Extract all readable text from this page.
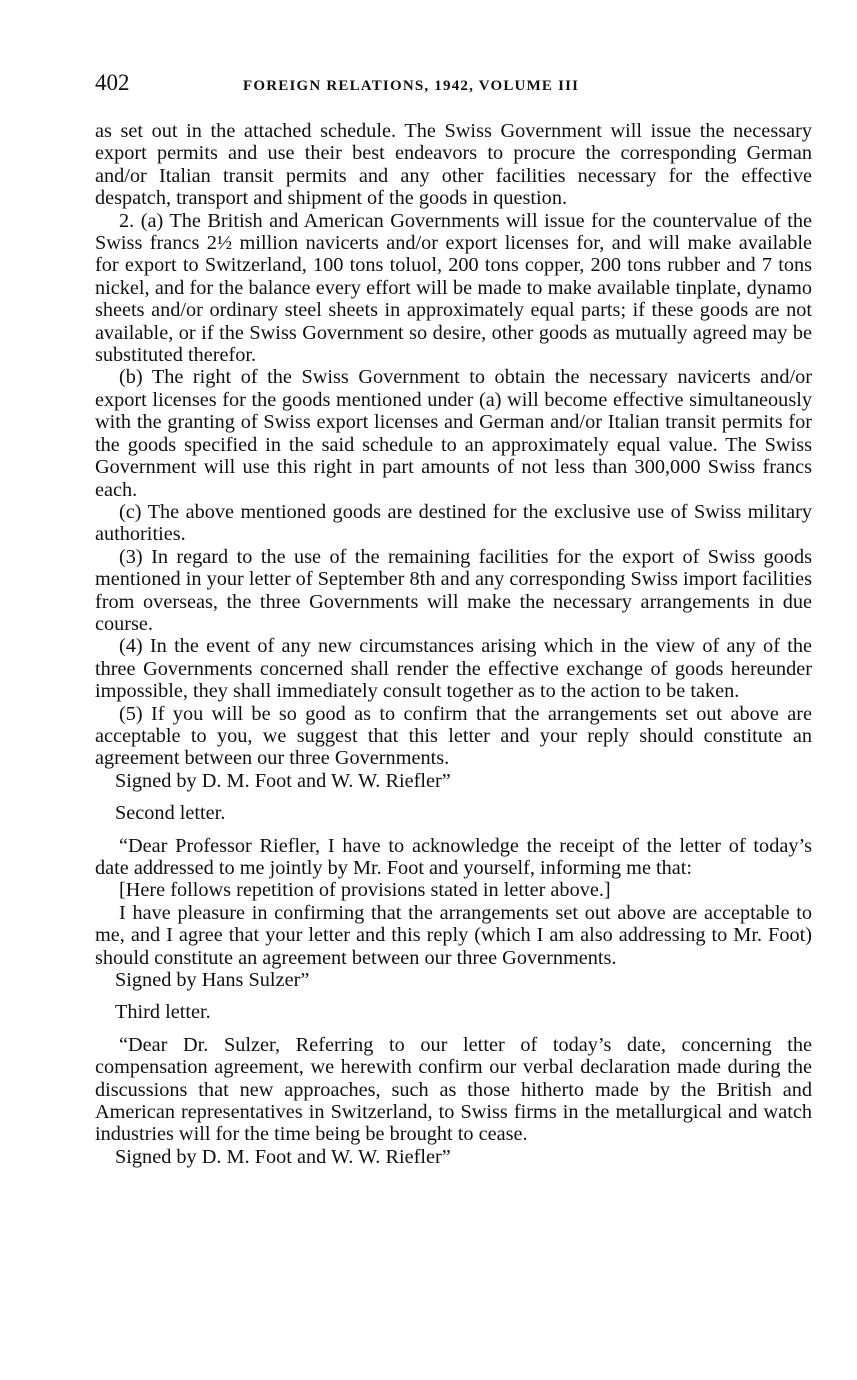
402	FOREIGN RELATIONS, 1942, VOLUME III

as set out in the attached schedule. The Swiss Government will issue the necessary export permits and use their best endeavors to procure the corresponding German and/or Italian transit permits and any other facilities necessary for the effective despatch, transport and shipment of the goods in question.

2. (a) The British and American Governments will issue for the countervalue of the Swiss francs 2½ million navicerts and/or export licenses for, and will make available for export to Switzerland, 100 tons toluol, 200 tons copper, 200 tons rubber and 7 tons nickel, and for the balance every effort will be made to make available tinplate, dynamo sheets and/or ordinary steel sheets in approximately equal parts; if these goods are not available, or if the Swiss Government so desire, other goods as mutually agreed may be substituted therefor.

(b) The right of the Swiss Government to obtain the necessary navicerts and/or export licenses for the goods mentioned under (a) will become effective simultaneously with the granting of Swiss export licenses and German and/or Italian transit permits for the goods specified in the said schedule to an approximately equal value. The Swiss Government will use this right in part amounts of not less than 300,000 Swiss francs each.

(c) The above mentioned goods are destined for the exclusive use of Swiss military authorities.

(3) In regard to the use of the remaining facilities for the export of Swiss goods mentioned in your letter of September 8th and any corresponding Swiss import facilities from overseas, the three Governments will make the necessary arrangements in due course.

(4) In the event of any new circumstances arising which in the view of any of the three Governments concerned shall render the effective exchange of goods hereunder impossible, they shall immediately consult together as to the action to be taken.

(5) If you will be so good as to confirm that the arrangements set out above are acceptable to you, we suggest that this letter and your reply should constitute an agreement between our three Governments.

Signed by D. M. Foot and W. W. Riefler”

Second letter.

“Dear Professor Riefler, I have to acknowledge the receipt of the letter of today’s date addressed to me jointly by Mr. Foot and yourself, informing me that:

[Here follows repetition of provisions stated in letter above.]

I have pleasure in confirming that the arrangements set out above are acceptable to me, and I agree that your letter and this reply (which I am also addressing to Mr. Foot) should constitute an agreement between our three Governments.

Signed by Hans Sulzer”

Third letter.

“Dear Dr. Sulzer, Referring to our letter of today’s date, concerning the compensation agreement, we herewith confirm our verbal declaration made during the discussions that new approaches, such as those hitherto made by the British and American representatives in Switzerland, to Swiss firms in the metallurgical and watch industries will for the time being be brought to cease.

Signed by D. M. Foot and W. W. Riefler”
